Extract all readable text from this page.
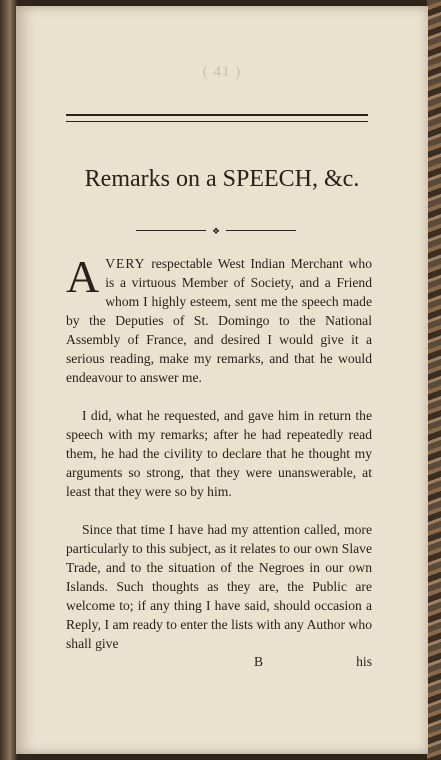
( 41 )
Remarks on a SPEECH, &c.
❖

AVERY respectable West Indian Merchant who is a virtuous Member of Society, and a Friend whom I highly esteem, sent me the speech made by the Deputies of St. Domingo to the National Assembly of France, and desired I would give it a serious reading, make my remarks, and that he would endeavour to answer me.

I did, what he requested, and gave him in return the speech with my remarks; after he had repeatedly read them, he had the civility to declare that he thought my arguments so strong, that they were unanswerable, at least that they were so by him.

Since that time I have had my attention called, more particularly to this subject, as it relates to our own Slave Trade, and to the situation of the Negroes in our own Islands. Such thoughts as they are, the Public are welcome to; if any thing I have said, should occasion a Reply, I am ready to enter the lists with any Author who shall give

B	his
